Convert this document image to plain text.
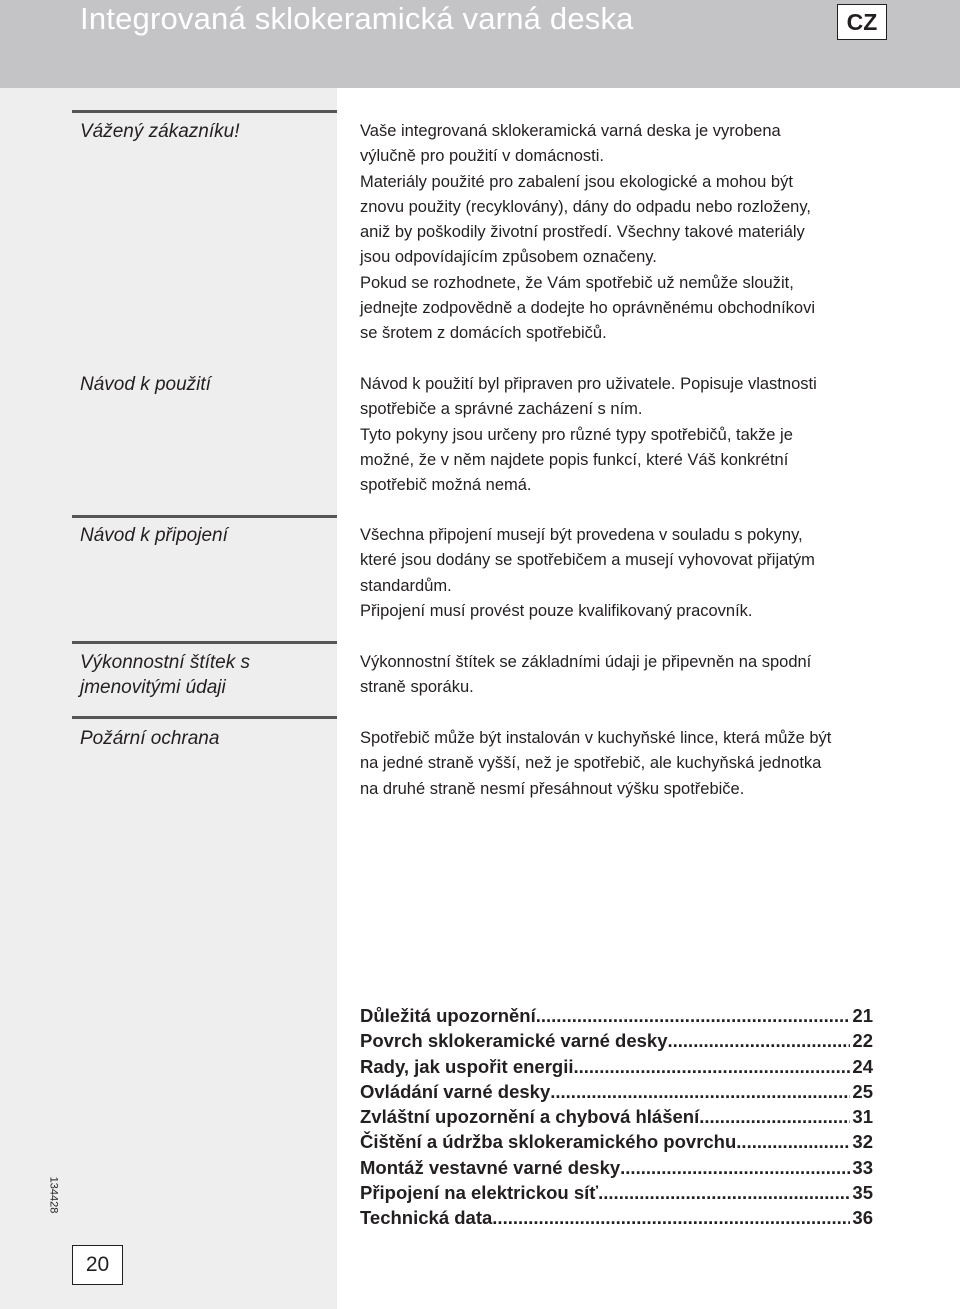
Integrovaná sklokeramická varná deska	CZ
Vážený zákazníku!	Vaše integrovaná sklokeramická varná deska je vyrobena

výlučně pro použití v domácnosti.

Materiály použité pro zabalení jsou ekologické a mohou být

znovu použity (recyklovány), dány do odpadu nebo rozloženy,

aniž by poškodily životní prostředí. Všechny takové materiály

jsou odpovídajícím způsobem označeny.

Pokud se rozhodnete, že Vám spotřebič už nemůže sloužit,

jednejte zodpovědně a dodejte ho oprávněnému obchodníkovi

se šrotem z domácích spotřebičů.

Návod k použití	Návod k použití byl připraven pro uživatele. Popisuje vlastnosti

spotřebiče a správné zacházení s ním.

Tyto pokyny jsou určeny pro různé typy spotřebičů, takže je

možné, že v něm najdete popis funkcí, které Váš konkrétní

spotřebič možná nemá.

Návod k připojení	Všechna připojení musejí být provedena v souladu s pokyny,

které jsou dodány se spotřebičem a musejí vyhovovat přijatým

standardům.

Připojení musí provést pouze kvalifikovaný pracovník.

Výkonnostní štítek s
jmenovitými údaji

Výkonnostní štítek se základními údaji je připevněn na spodní

straně sporáku.

Požární ochrana	Spotřebič může být instalován v kuchyňské lince, která může být

na jedné straně vyšší, než je spotřebič, ale kuchyňská jednotka

na druhé straně nesmí přesáhnout výšku spotřebiče.

Důležitá upozornění .....	21
Povrch sklokeramické varné desky .....	22
Rady, jak uspořit energii .....	24
Ovládání varné desky .....	25
Zvláštní upozornění a chybová hlášení .....	31
Čištění a údržba sklokeramického povrchu .....	32
Montáž vestavné varné desky .....	33
Připojení na elektrickou síť .....	35
Technická data .....	36
134428
20
